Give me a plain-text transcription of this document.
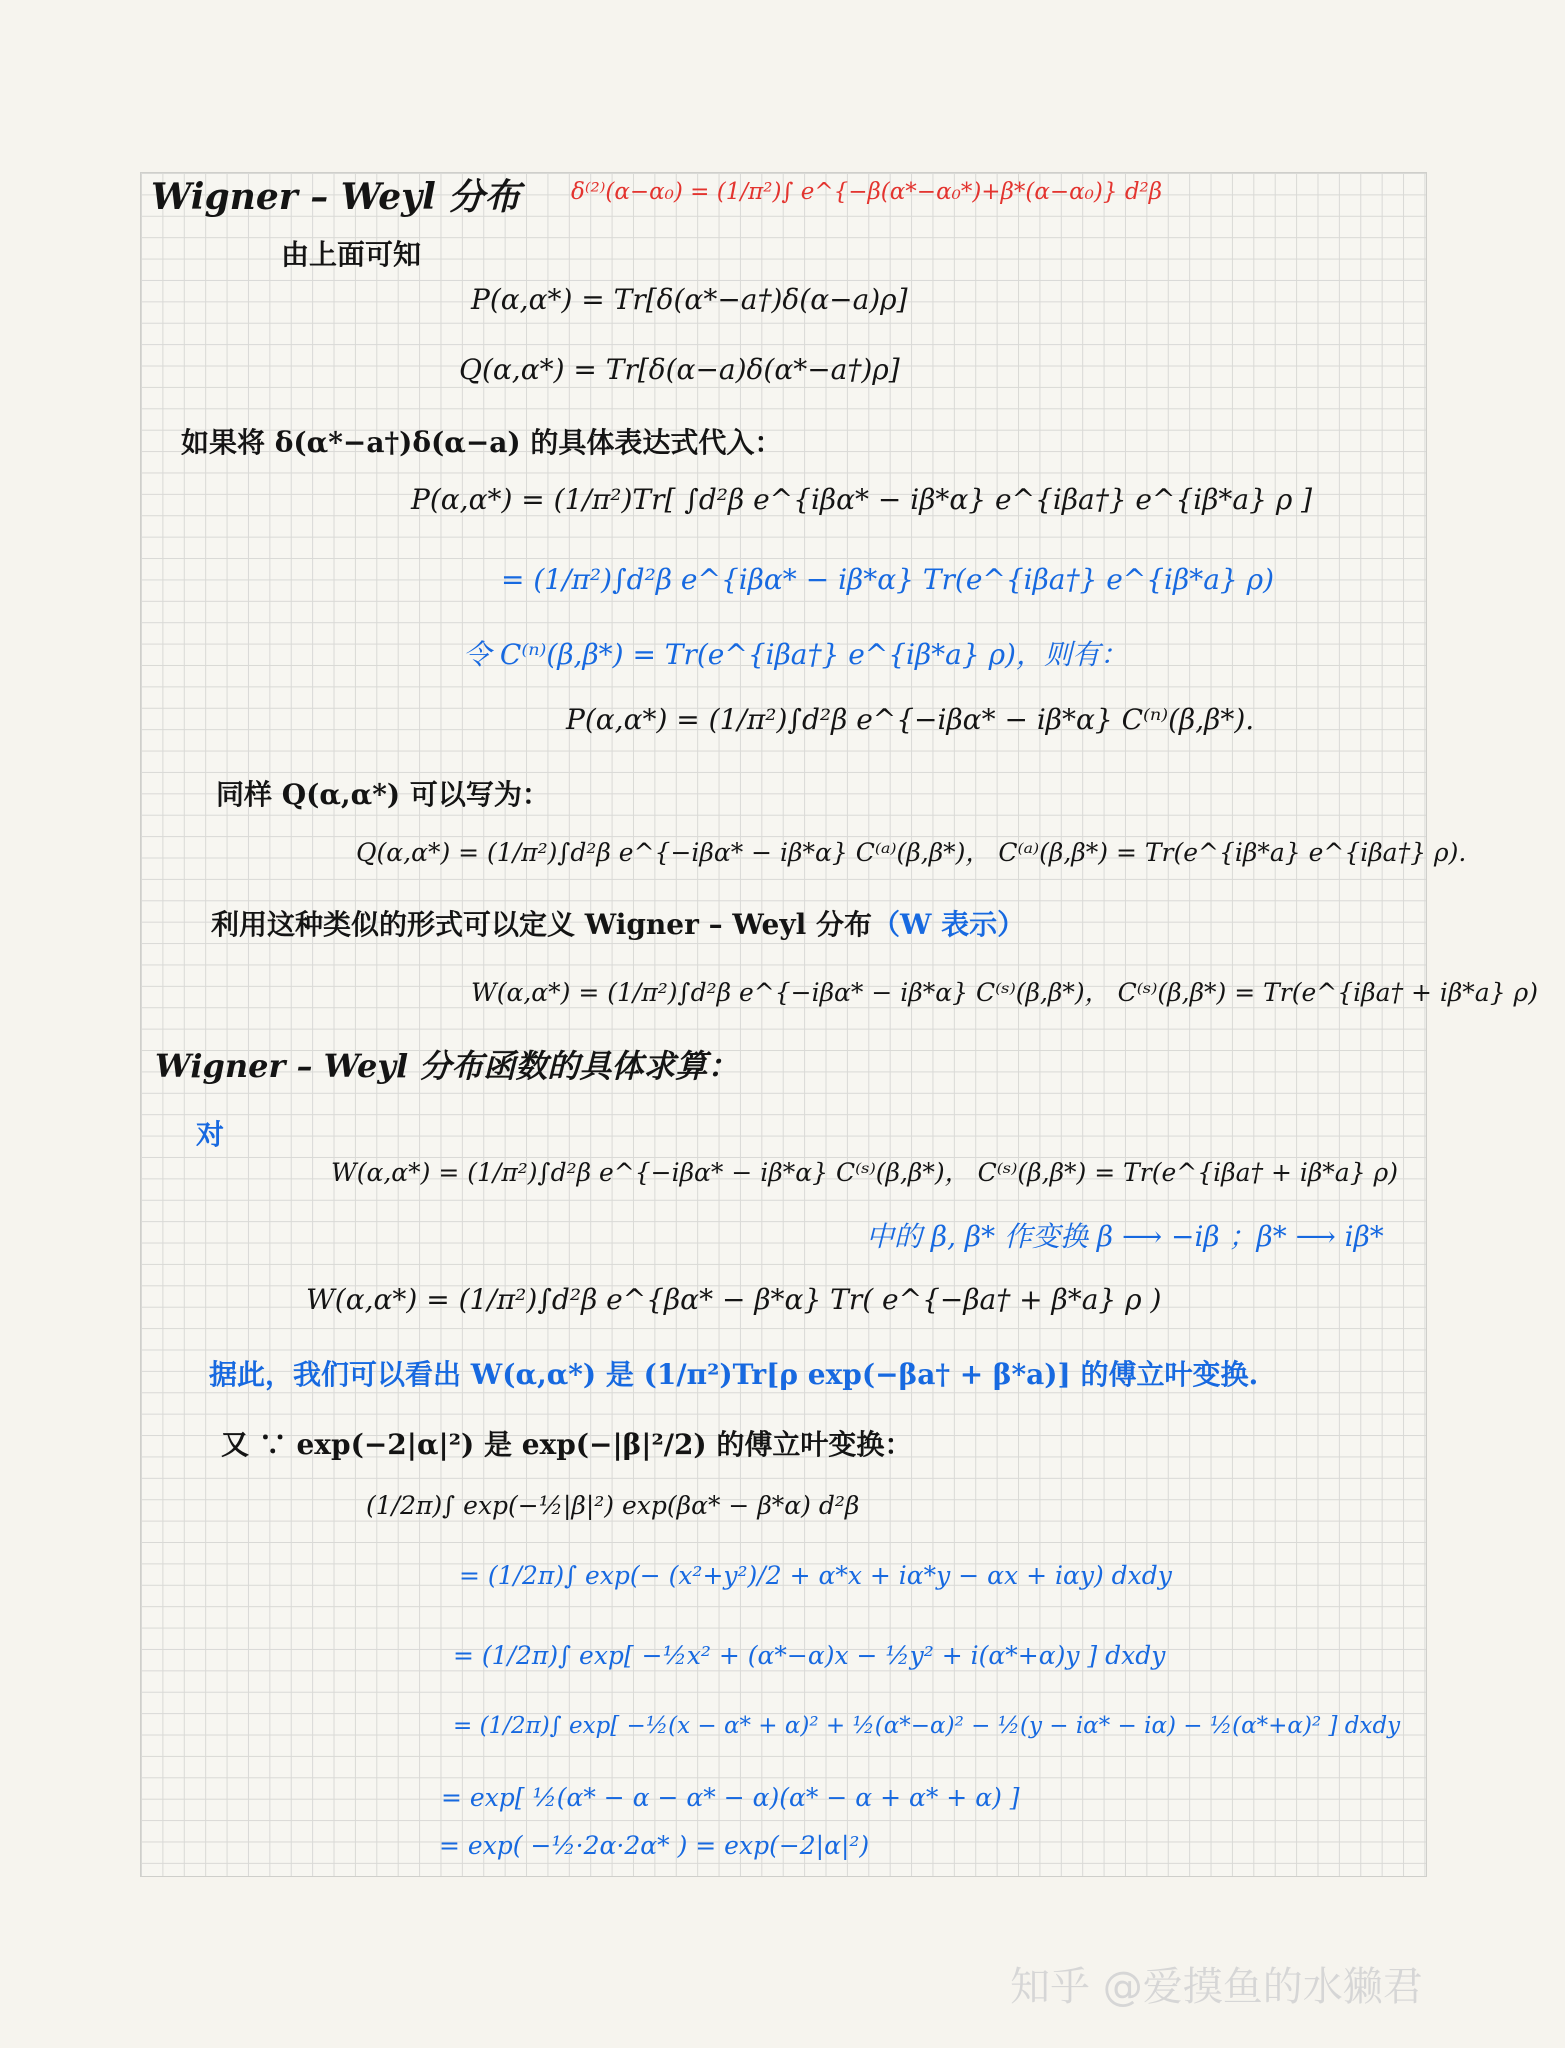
Wigner – Weyl 分布 δ⁽²⁾(α−α₀) = (1/π²)∫ e^{−β(α*−α₀*)+β*(α−α₀)} d²β
由上面可知
P(α,α*) = Tr[δ(α*−a†)δ(α−a)ρ]
Q(α,α*) = Tr[δ(α−a)δ(α*−a†)ρ]
如果将 δ(α*−a†)δ(α−a) 的具体表达式代入：
P(α,α*) = (1/π²)Tr[ ∫d²β e^{iβα* − iβ*α} e^{iβa†} e^{iβ*a} ρ ]
= (1/π²)∫d²β e^{iβα* − iβ*α} Tr(e^{iβa†} e^{iβ*a} ρ)
令 C⁽ⁿ⁾(β,β*) = Tr(e^{iβa†} e^{iβ*a} ρ)，则有：
P(α,α*) = (1/π²)∫d²β e^{−iβα* − iβ*α} C⁽ⁿ⁾(β,β*).
同样 Q(α,α*) 可以写为：
Q(α,α*) = (1/π²)∫d²β e^{−iβα* − iβ*α} C⁽ᵃ⁾(β,β*)， C⁽ᵃ⁾(β,β*) = Tr(e^{iβ*a} e^{iβa†} ρ).
利用这种类似的形式可以定义 Wigner – Weyl 分布（W 表示）
W(α,α*) = (1/π²)∫d²β e^{−iβα* − iβ*α} C⁽ˢ⁾(β,β*)， C⁽ˢ⁾(β,β*) = Tr(e^{iβa† + iβ*a} ρ)
Wigner – Weyl 分布函数的具体求算：
对
W(α,α*) = (1/π²)∫d²β e^{−iβα* − iβ*α} C⁽ˢ⁾(β,β*)， C⁽ˢ⁾(β,β*) = Tr(e^{iβa† + iβ*a} ρ)
中的 β, β* 作变换 β ⟶ −iβ ；β* ⟶ iβ*
W(α,α*) = (1/π²)∫d²β e^{βα* − β*α} Tr( e^{−βa† + β*a} ρ )
据此，我们可以看出 W(α,α*) 是 (1/π²)Tr[ρ exp(−βa† + β*a)] 的傅立叶变换.
又 ∵ exp(−2|α|²) 是 exp(−|β|²/2) 的傅立叶变换：
(1/2π)∫ exp(−½|β|²) exp(βα* − β*α) d²β
= (1/2π)∫ exp(− (x²+y²)/2 + α*x + iα*y − αx + iαy) dxdy
= (1/2π)∫ exp[ −½x² + (α*−α)x − ½y² + i(α*+α)y ] dxdy
= (1/2π)∫ exp[ −½(x − α* + α)² + ½(α*−α)² − ½(y − iα* − iα) − ½(α*+α)² ] dxdy
= exp[ ½(α* − α − α* − α)(α* − α + α* + α) ]
= exp( −½·2α·2α* ) = exp(−2|α|²)
知乎 @爱摸鱼的水獭君
